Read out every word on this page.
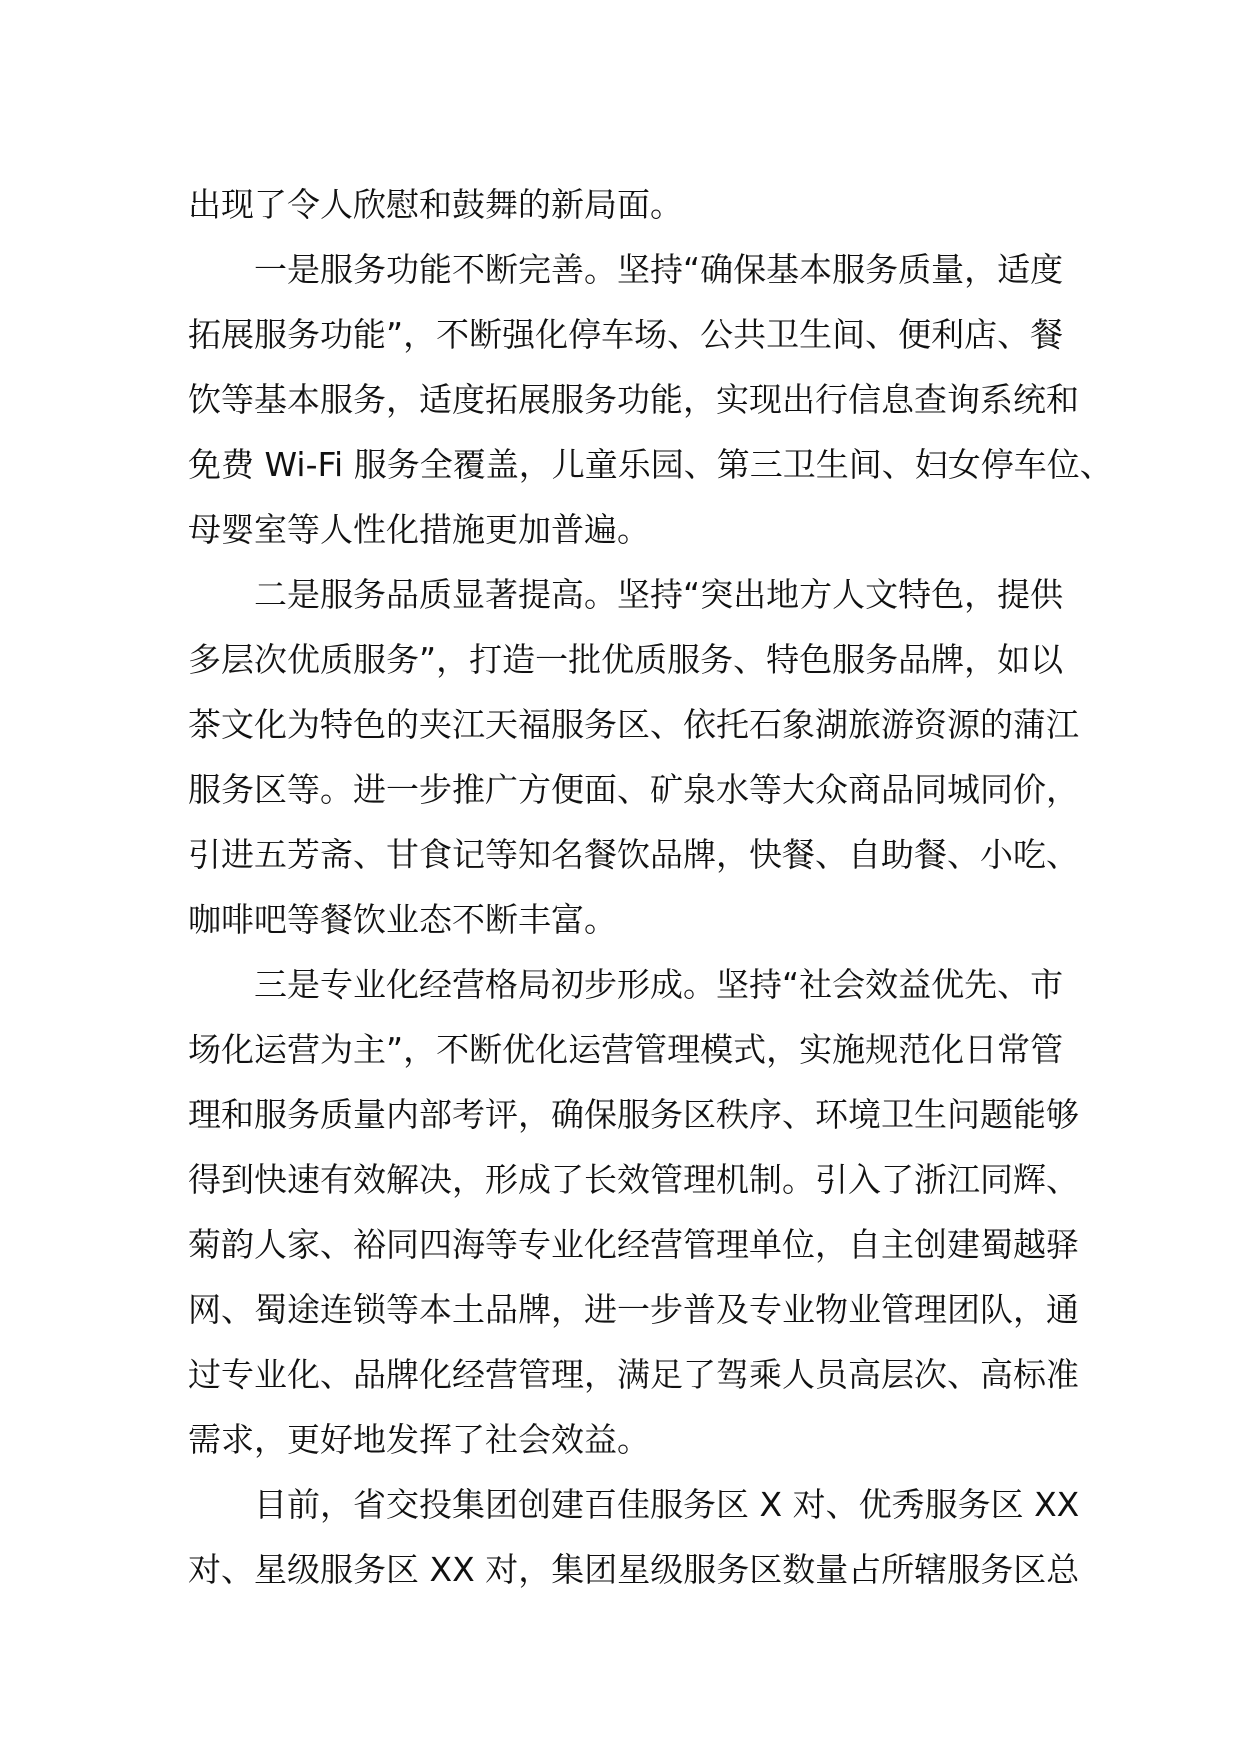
出现了令人欣慰和鼓舞的新局面。
一是服务功能不断完善。坚持“确保基本服务质量，适度
拓展服务功能”，不断强化停车场、公共卫生间、便利店、餐
饮等基本服务，适度拓展服务功能，实现出行信息查询系统和
免费 Wi-Fi 服务全覆盖，儿童乐园、第三卫生间、妇女停车位、
母婴室等人性化措施更加普遍。
二是服务品质显著提高。坚持“突出地方人文特色，提供
多层次优质服务”，打造一批优质服务、特色服务品牌，如以
茶文化为特色的夹江天福服务区、依托石象湖旅游资源的蒲江
服务区等。进一步推广方便面、矿泉水等大众商品同城同价，
引进五芳斋、甘食记等知名餐饮品牌，快餐、自助餐、小吃、
咖啡吧等餐饮业态不断丰富。
三是专业化经营格局初步形成。坚持“社会效益优先、市
场化运营为主”，不断优化运营管理模式，实施规范化日常管
理和服务质量内部考评，确保服务区秩序、环境卫生问题能够
得到快速有效解决，形成了长效管理机制。引入了浙江同辉、
菊韵人家、裕同四海等专业化经营管理单位，自主创建蜀越驿
网、蜀途连锁等本土品牌，进一步普及专业物业管理团队，通
过专业化、品牌化经营管理，满足了驾乘人员高层次、高标准
需求，更好地发挥了社会效益。
目前，省交投集团创建百佳服务区 X 对、优秀服务区 XX
对、星级服务区 XX 对，集团星级服务区数量占所辖服务区总
